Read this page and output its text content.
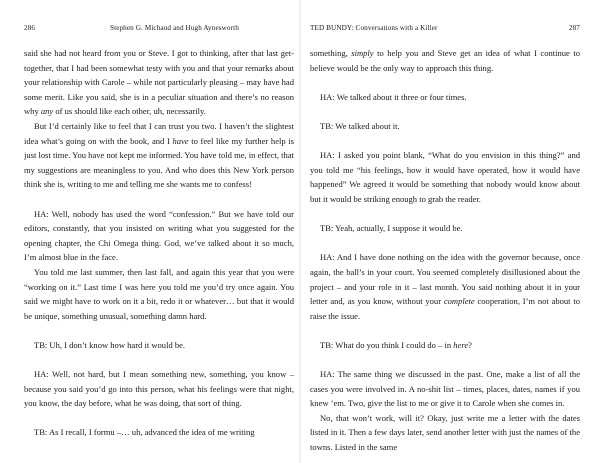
286	Stephen G. Michaud and Hugh Aynesworth

said she had not heard from you or Steve. I got to thinking, after that last get-together, that I had been somewhat testy with you and that your remarks about your relationship with Carole – while not particularly pleasing – may have had some merit. Like you said, she is in a peculiar situation and there’s no reason why any of us should like each other, uh, necessarily.

But I’d certainly like to feel that I can trust you two. I haven’t the slightest idea what’s going on with the book, and I have to feel like my further help is just lost time. You have not kept me informed. You have told me, in effect, that my suggestions are meaningless to you. And who does this New York person think she is, writing to me and telling me she wants me to confess!

HA: Well, nobody has used the word “confession.” But we have told our editors, constantly, that you insisted on writing what you suggested for the opening chapter, the Chi Omega thing. God, we’ve talked about it so much, I’m almost blue in the face.

You told me last summer, then last fall, and again this year that you were “working on it.” Last time I was here you told me you’d try once again. You said we might have to work on it a bit, redo it or whatever… but that it would be unique, something unusual, something damn hard.

TB: Uh, I don’t know how hard it would be.

HA: Well, not hard, but I mean something new, something, you know – because you said you’d go into this person, what his feelings were that night, you know, the day before, what he was doing, that sort of thing.

TB: As I recall, I formu –… uh, advanced the idea of me writing

TED BUNDY: Conversations with a Killer	287

something, simply to help you and Steve get an idea of what I continue to believe would be the only way to approach this thing.

HA: We talked about it three or four times.

TB: We talked about it.

HA: I asked you point blank, “What do you envision in this thing?” and you told me “his feelings, how it would have operated, how it would have happened” We agreed it would be something that nobody would know about but it would be striking enough to grab the reader.

TB: Yeah, actually, I suppose it would be.

HA: And I have done nothing on the idea with the governor because, once again, the ball’s in your court. You seemed completely disillusioned about the project – and your role in it – last month. You said nothing about it in your letter and, as you know, without your complete cooperation, I’m not about to raise the issue.

TB: What do you think I could do – in here?

HA: The same thing we discussed in the past. One, make a list of all the cases you were involved in. A no-shit list – times, places, dates, names if you knew ’em. Two, give the list to me or give it to Carole when she comes in.

No, that won’t work, will it? Okay, just write me a letter with the dates listed in it. Then a few days later, send another letter with just the names of the towns. Listed in the same
